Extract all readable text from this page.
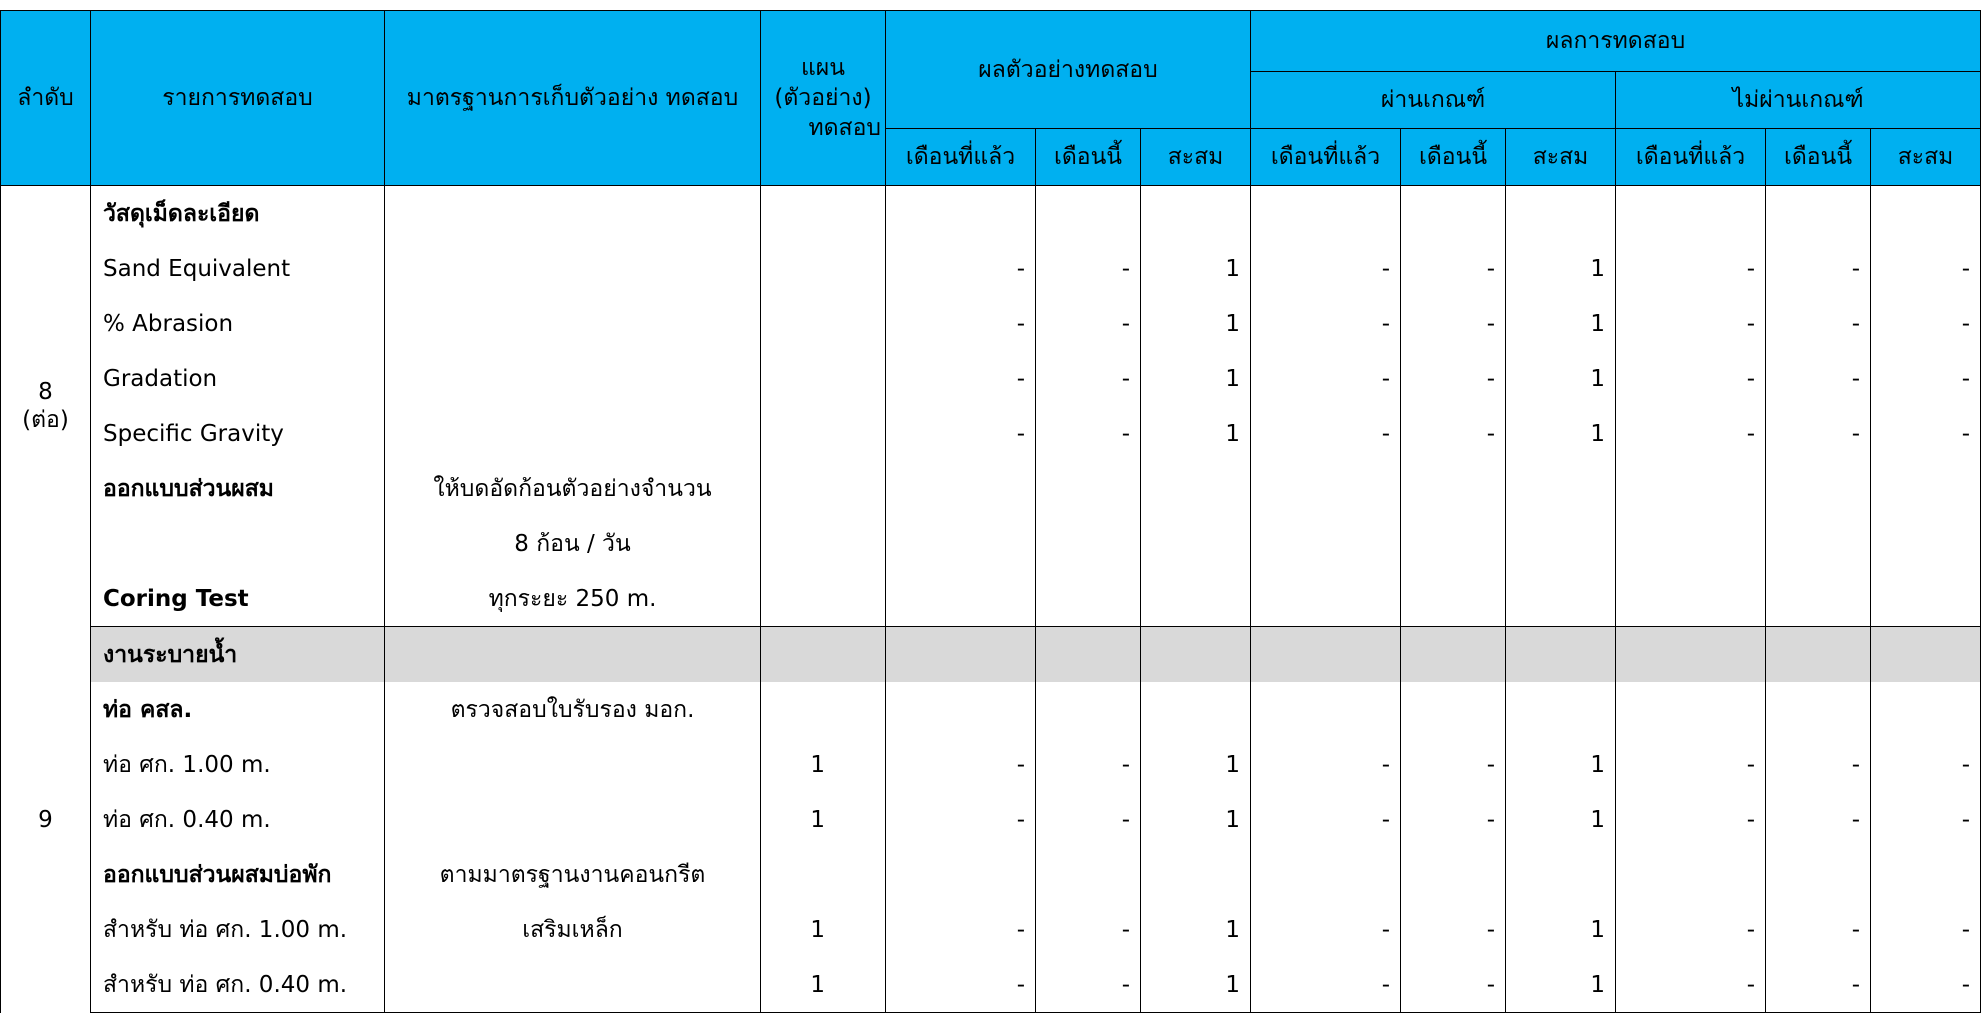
ลำดับ	รายการทดสอบ	มาตรฐานการเก็บตัวอย่าง ทดสอบ	แผน
(ตัวอย่าง)
ทดสอบ	ผลตัวอย่างทดสอบ			ผลการทดสอบ					
							ผ่านเกณฑ์			ไม่ผ่านเกณฑ์		
				เดือนที่แล้ว	เดือนนี้	สะสม	เดือนที่แล้ว	เดือนนี้	สะสม	เดือนที่แล้ว	เดือนนี้	สะสม

8
(ต่อ)	วัสดุเม็ดละเอียด											
	Sand Equivalent			-	-	1	-	-	1	-	-	-
	% Abrasion			-	-	1	-	-	1	-	-	-
	Gradation			-	-	1	-	-	1	-	-	-
	Specific Gravity			-	-	1	-	-	1	-	-	-
	ออกแบบส่วนผสม	ให้บดอัดก้อนตัวอย่างจำนวน										
		8 ก้อน / วัน										
	Coring Test	ทุกระยะ 250 m.										

9	งานระบายน้ำ											
	ท่อ คสล.	ตรวจสอบใบรับรอง มอก.										
	ท่อ ศก. 1.00 m.		1	-	-	1	-	-	1	-	-	-
	ท่อ ศก. 0.40 m.		1	-	-	1	-	-	1	-	-	-
	ออกแบบส่วนผสมบ่อพัก	ตามมาตรฐานงานคอนกรีต										
	สำหรับ ท่อ ศก. 1.00 m.	เสริมเหล็ก	1	-	-	1	-	-	1	-	-	-
	สำหรับ ท่อ ศก. 0.40 m.		1	-	-	1	-	-	1	-	-	-
